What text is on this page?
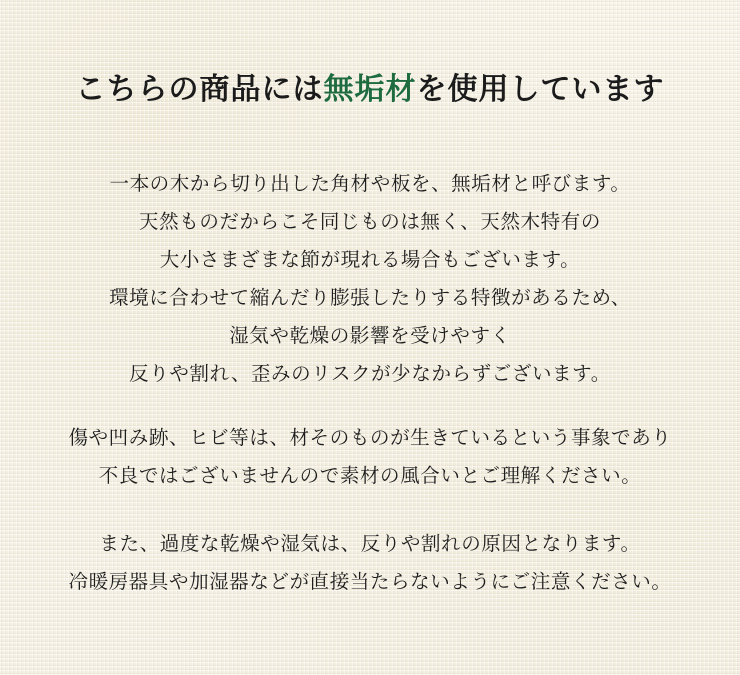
こちらの商品には無垢材を使用しています
一本の木から切り出した角材や板を、無垢材と呼びます。
天然ものだからこそ同じものは無く、天然木特有の
大小さまざまな節が現れる場合もございます。
環境に合わせて縮んだり膨張したりする特徴があるため、
湿気や乾燥の影響を受けやすく
反りや割れ、歪みのリスクが少なからずございます。
傷や凹み跡、ヒビ等は、材そのものが生きているという事象であり
不良ではございませんので素材の風合いとご理解ください。
また、過度な乾燥や湿気は、反りや割れの原因となります。
冷暖房器具や加湿器などが直接当たらないようにご注意ください。
